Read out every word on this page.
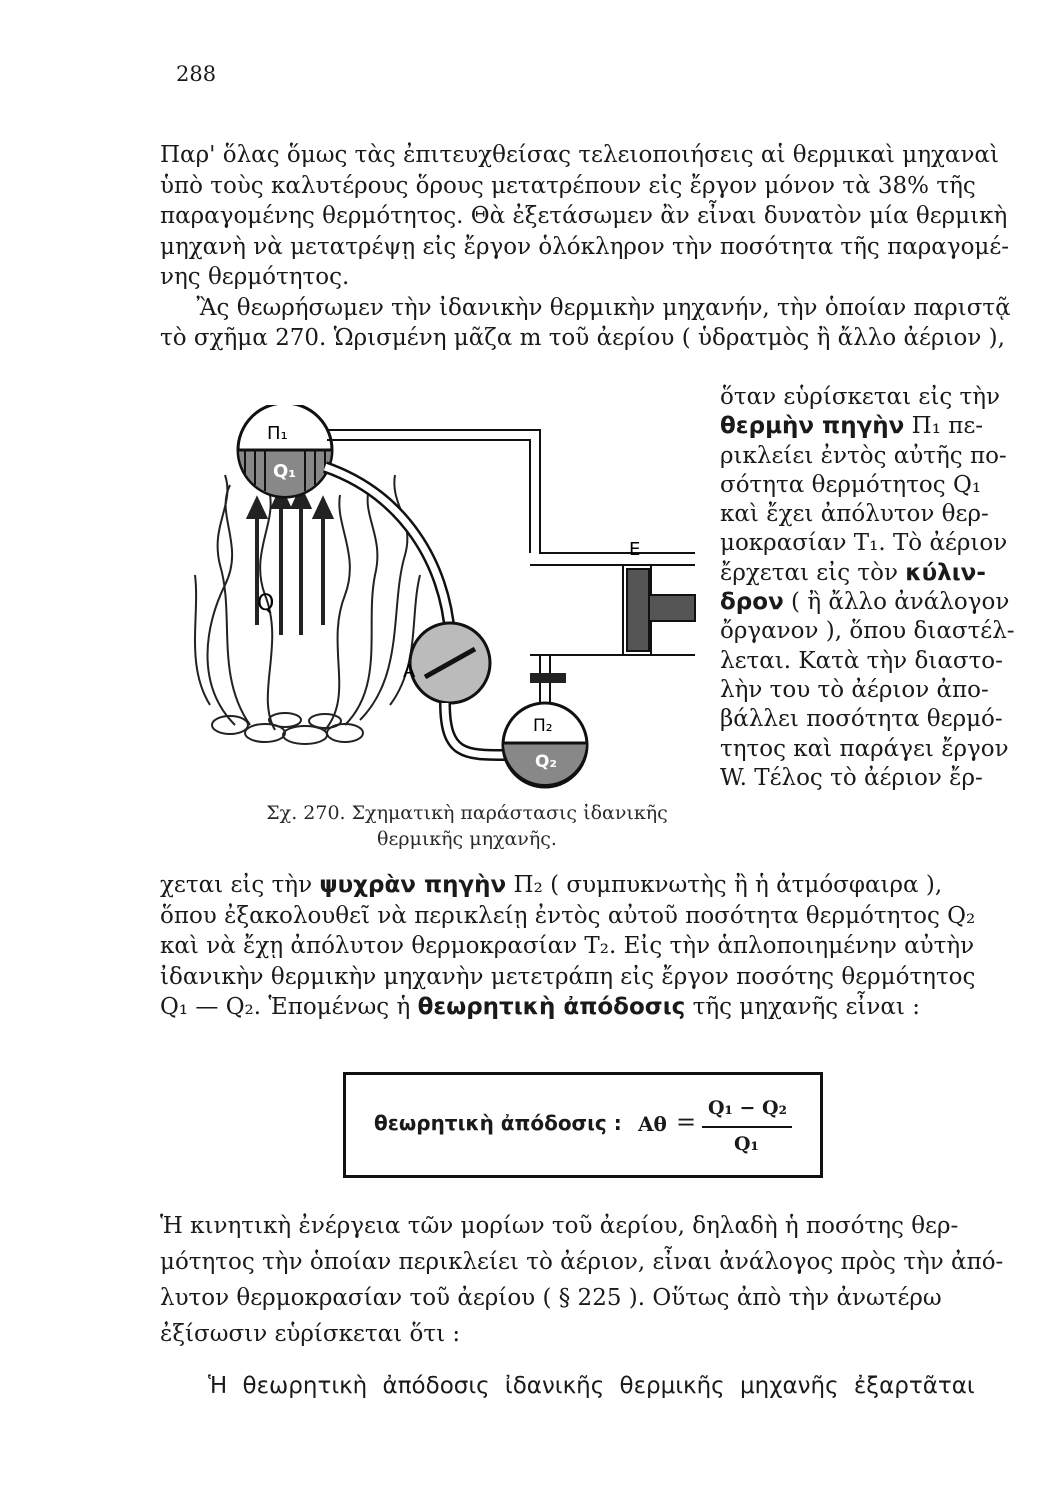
288
Παρ' ὅλας ὅμως τὰς ἐπιτευχθείσας τελειοποιήσεις αἱ θερμικαὶ μηχαναὶ
ὑπὸ τοὺς καλυτέρους ὅρους μετατρέπουν εἰς ἔργον μόνον τὰ 38% τῆς
παραγομένης θερμότητος. Θὰ ἐξετάσωμεν ἂν εἶναι δυνατὸν μία θερμικὴ
μηχανὴ νὰ μετατρέψῃ εἰς ἔργον ὁλόκληρον τὴν ποσότητα τῆς παραγομέ-
νης θερμότητος.
Ἂς θεωρήσωμεν τὴν ἰδανικὴν θερμικὴν μηχανήν, τὴν ὁποίαν παριστᾷ
τὸ σχῆμα 270. Ὡρισμένη μᾶζα m τοῦ ἀερίου ( ὑδρατμὸς ἢ ἄλλο ἀέριον ),
Q
Π₁
Q₁
E
A
Π₂
Q₂
Σχ. 270. Σχηματικὴ παράστασις ἰδανικῆς
θερμικῆς μηχανῆς.
ὅταν εὑρίσκεται εἰς τὴν
θερμὴν πηγὴν Π₁ πε-
ρικλείει ἐντὸς αὐτῆς πο-
σότητα θερμότητος Q₁
καὶ ἔχει ἀπόλυτον θερ-
μοκρασίαν T₁. Τὸ ἀέριον
ἔρχεται εἰς τὸν κύλιν-
δρον ( ἢ ἄλλο ἀνάλογον
ὄργανον ), ὅπου διαστέλ-
λεται. Κατὰ τὴν διαστο-
λὴν του τὸ ἀέριον ἀπο-
βάλλει ποσότητα θερμό-
τητος καὶ παράγει ἔργον
W. Τέλος τὸ ἀέριον ἔρ-
χεται εἰς τὴν ψυχρὰν πηγὴν Π₂ ( συμπυκνωτὴς ἢ ἡ ἀτμόσφαιρα ),
ὅπου ἐξακολουθεῖ νὰ περικλείῃ ἐντὸς αὐτοῦ ποσότητα θερμότητος Q₂
καὶ νὰ ἔχῃ ἀπόλυτον θερμοκρασίαν T₂. Εἰς τὴν ἁπλοποιημένην αὐτὴν
ἰδανικὴν θερμικὴν μηχανὴν μετετράπη εἰς ἔργον ποσότης θερμότητος
Q₁ — Q₂. Ἑπομένως ἡ θεωρητικὴ ἀπόδοσις τῆς μηχανῆς εἶναι :
θεωρητικὴ ἀπόδοσις : Aθ = Q₁ − Q₂
Q₁
Ἡ κινητικὴ ἐνέργεια τῶν μορίων τοῦ ἀερίου, δηλαδὴ ἡ ποσότης θερ-
μότητος τὴν ὁποίαν περικλείει τὸ ἀέριον, εἶναι ἀνάλογος πρὸς τὴν ἀπό-
λυτον θερμοκρασίαν τοῦ ἀερίου ( § 225 ). Οὕτως ἀπὸ τὴν ἀνωτέρω
ἐξίσωσιν εὑρίσκεται ὅτι :
Ἡ θεωρητικὴ ἀπόδοσις ἰδανικῆς θερμικῆς μηχανῆς ἐξαρτᾶται
